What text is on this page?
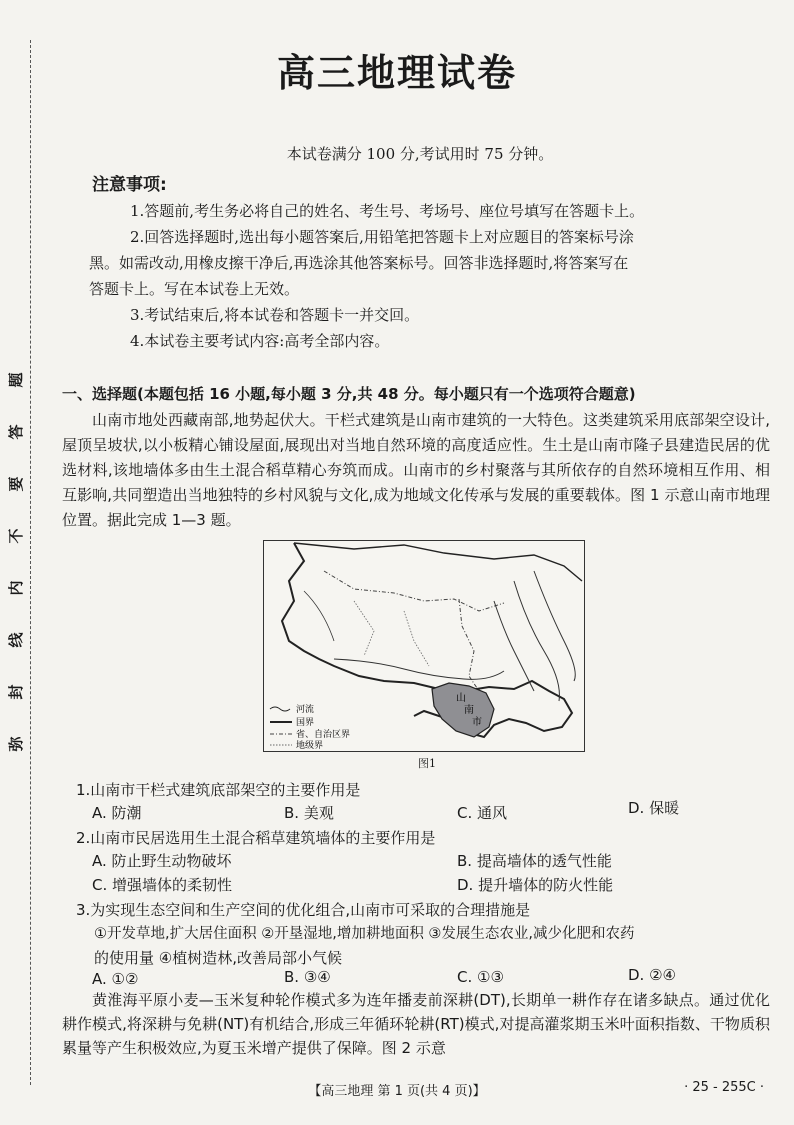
题
答
要
不
内
线
封
弥
高三地理试卷
本试卷满分 100 分,考试用时 75 分钟。
注意事项:

1.答题前,考生务必将自己的姓名、考生号、考场号、座位号填写在答题卡上。

2.回答选择题时,选出每小题答案后,用铅笔把答题卡上对应题目的答案标号涂

黑。如需改动,用橡皮擦干净后,再选涂其他答案标号。回答非选择题时,将答案写在

答题卡上。写在本试卷上无效。

3.考试结束后,将本试卷和答题卡一并交回。

4.本试卷主要考试内容:高考全部内容。

一、选择题(本题包括 16 小题,每小题 3 分,共 48 分。每小题只有一个选项符合题意)

山南市地处西藏南部,地势起伏大。干栏式建筑是山南市建筑的一大特色。这类建筑采用底部架空设计,屋顶呈坡状,以小板精心铺设屋面,展现出对当地自然环境的高度适应性。生土是山南市隆子县建造民居的优选材料,该地墙体多由生土混合稻草精心夯筑而成。山南市的乡村聚落与其所依存的自然环境相互作用、相互影响,共同塑造出当地独特的乡村风貌与文化,成为地域文化传承与发展的重要载体。图 1 示意山南市地理位置。据此完成 1—3 题。

山
南
市
河流
国界
省、自治区界
地级界
图1
1.山南市干栏式建筑底部架空的主要作用是
A. 防潮	B. 美观	C. 通风	D. 保暖
2.山南市民居选用生土混合稻草建筑墙体的主要作用是
A. 防止野生动物破坏	B. 提高墙体的透气性能
C. 增强墙体的柔韧性	D. 提升墙体的防火性能
3.为实现生态空间和生产空间的优化组合,山南市可采取的合理措施是
①开发草地,扩大居住面积 ②开垦湿地,增加耕地面积 ③发展生态农业,减少化肥和农药
的使用量 ④植树造林,改善局部小气候
A. ①②	B. ③④	C. ①③	D. ②④

黄淮海平原小麦—玉米复种轮作模式多为连年播麦前深耕(DT),长期单一耕作存在诸多缺点。通过优化耕作模式,将深耕与免耕(NT)有机结合,形成三年循环轮耕(RT)模式,对提高灌浆期玉米叶面积指数、干物质积累量等产生积极效应,为夏玉米增产提供了保障。图 2 示意

【高三地理 第 1 页(共 4 页)】	· 25 - 255C ·
